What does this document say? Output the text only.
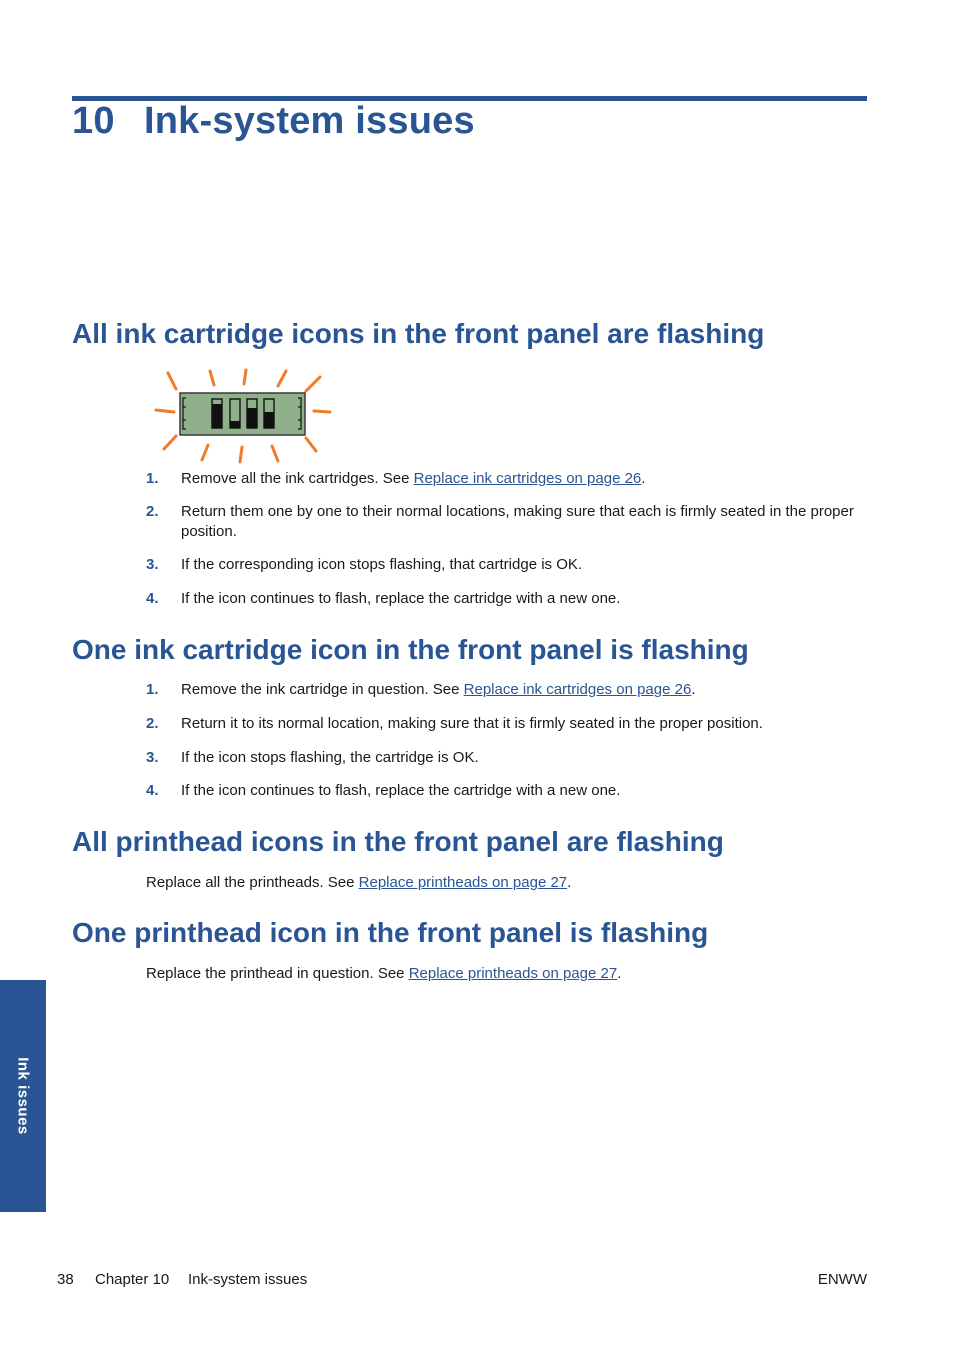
10 Ink-system issues
All ink cartridge icons in the front panel are flashing
1. Remove all the ink cartridges. See Replace ink cartridges on page 26.
2. Return them one by one to their normal locations, making sure that each is firmly seated in the proper position.
3. If the corresponding icon stops flashing, that cartridge is OK.
4. If the icon continues to flash, replace the cartridge with a new one.
One ink cartridge icon in the front panel is flashing
1. Remove the ink cartridge in question. See Replace ink cartridges on page 26.
2. Return it to its normal location, making sure that it is firmly seated in the proper position.
3. If the icon stops flashing, the cartridge is OK.
4. If the icon continues to flash, replace the cartridge with a new one.
All printhead icons in the front panel are flashing
Replace all the printheads. See Replace printheads on page 27.
One printhead icon in the front panel is flashing
Replace the printhead in question. See Replace printheads on page 27.
Ink issues
38 Chapter 10 Ink-system issues	ENWW
